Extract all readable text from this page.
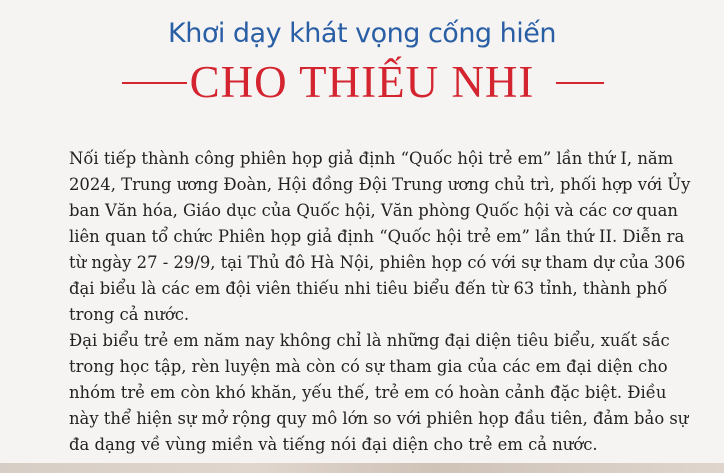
Khơi dạy khát vọng cống hiến
CHO THIẾU NHI

Nối tiếp thành công phiên họp giả định “Quốc hội trẻ em” lần thứ I, năm 2024, Trung ương Đoàn, Hội đồng Đội Trung ương chủ trì, phối hợp với Ủy ban Văn hóa, Giáo dục của Quốc hội, Văn phòng Quốc hội và các cơ quan liên quan tổ chức Phiên họp giả định “Quốc hội trẻ em” lần thứ II. Diễn ra từ ngày 27 - 29/9, tại Thủ đô Hà Nội, phiên họp có với sự tham dự của 306 đại biểu là các em đội viên thiếu nhi tiêu biểu đến từ 63 tỉnh, thành phố trong cả nước.

Đại biểu trẻ em năm nay không chỉ là những đại diện tiêu biểu, xuất sắc trong học tập, rèn luyện mà còn có sự tham gia của các em đại diện cho nhóm trẻ em còn khó khăn, yếu thế, trẻ em có hoàn cảnh đặc biệt. Điều này thể hiện sự mở rộng quy mô lớn so với phiên họp đầu tiên, đảm bảo sự đa dạng về vùng miền và tiếng nói đại diện cho trẻ em cả nước.
